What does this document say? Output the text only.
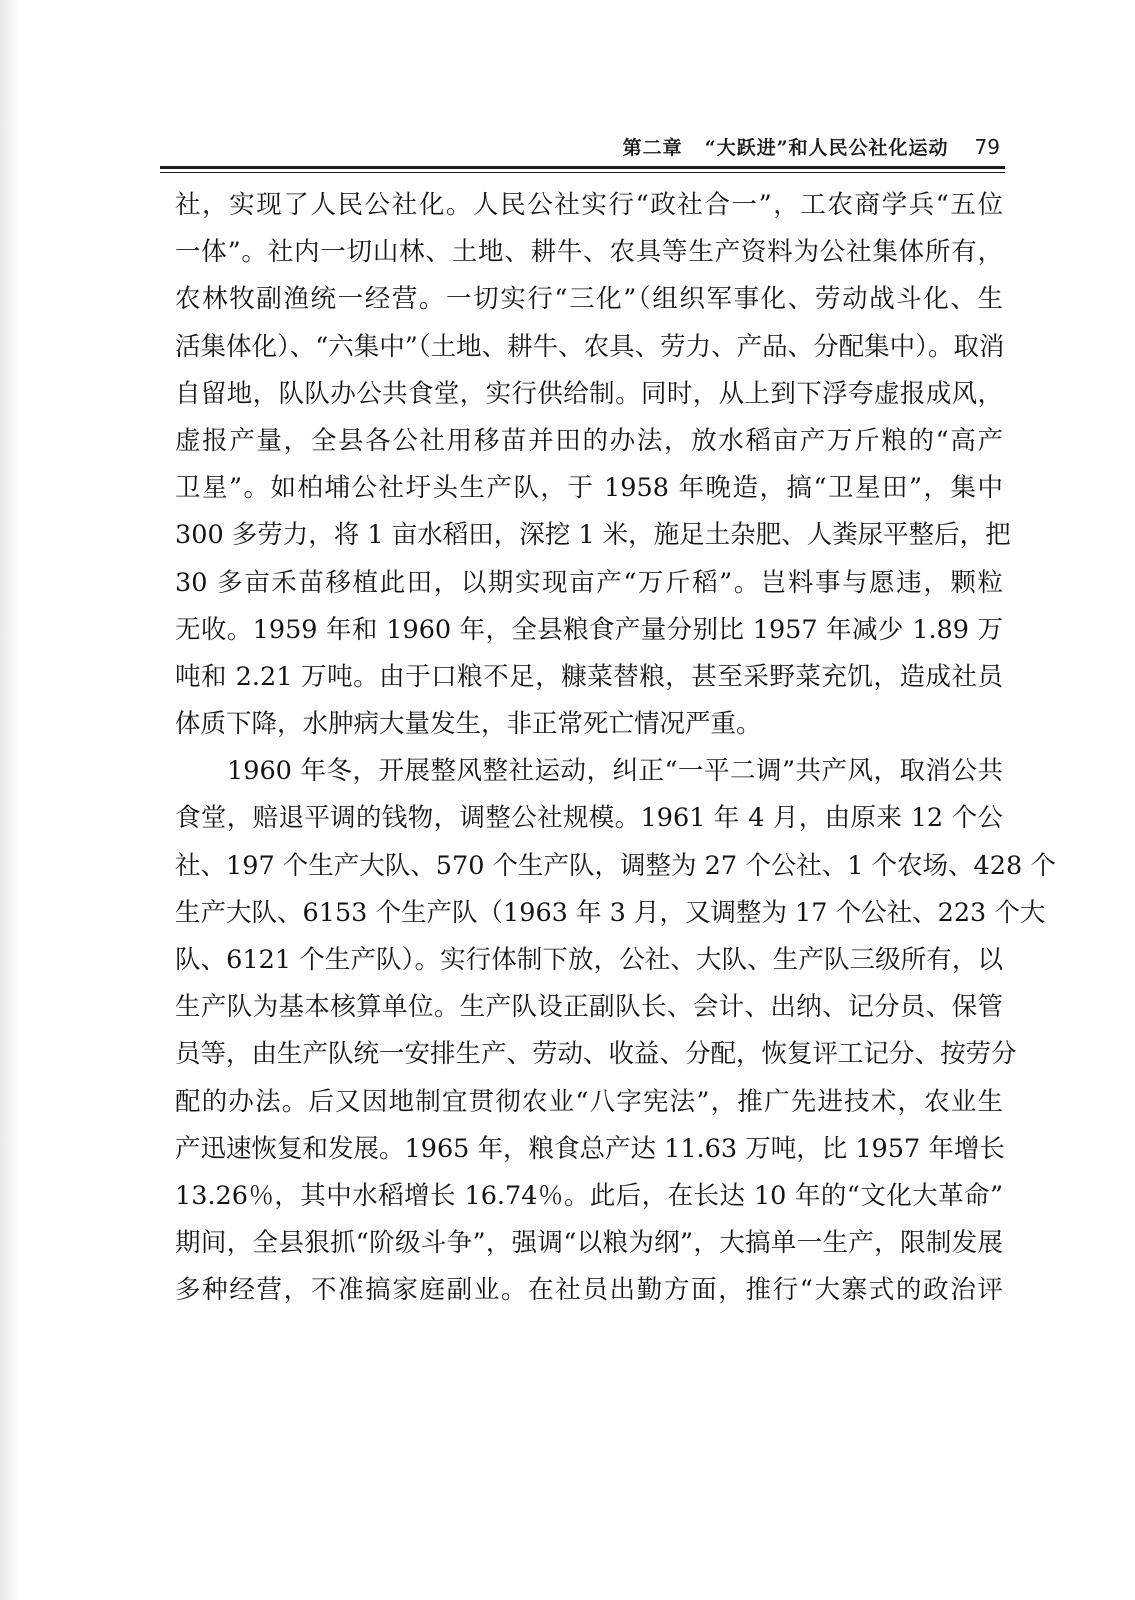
第二章 “大跃进”和人民公社化运动 79
社，实现了人民公社化。人民公社实行“政社合一”，工农商学兵“五位
一体”。社内一切山林、土地、耕牛、农具等生产资料为公社集体所有，
农林牧副渔统一经营。一切实行“三化”（组织军事化、劳动战斗化、生
活集体化）、“六集中”（土地、耕牛、农具、劳力、产品、分配集中）。取消
自留地，队队办公共食堂，实行供给制。同时，从上到下浮夸虚报成风，
虚报产量，全县各公社用移苗并田的办法，放水稻亩产万斤粮的“高产
卫星”。如柏埔公社圩头生产队，于 1958 年晚造，搞“卫星田”，集中
300 多劳力，将 1 亩水稻田，深挖 1 米，施足土杂肥、人粪尿平整后，把
30 多亩禾苗移植此田，以期实现亩产“万斤稻”。岂料事与愿违，颗粒
无收。1959 年和 1960 年，全县粮食产量分别比 1957 年减少 1.89 万
吨和 2.21 万吨。由于口粮不足，糠菜替粮，甚至采野菜充饥，造成社员
体质下降，水肿病大量发生，非正常死亡情况严重。
1960 年冬，开展整风整社运动，纠正“一平二调”共产风，取消公共
食堂，赔退平调的钱物，调整公社规模。1961 年 4 月，由原来 12 个公
社、197 个生产大队、570 个生产队，调整为 27 个公社、1 个农场、428 个
生产大队、6153 个生产队（1963 年 3 月，又调整为 17 个公社、223 个大
队、6121 个生产队）。实行体制下放，公社、大队、生产队三级所有，以
生产队为基本核算单位。生产队设正副队长、会计、出纳、记分员、保管
员等，由生产队统一安排生产、劳动、收益、分配，恢复评工记分、按劳分
配的办法。后又因地制宜贯彻农业“八字宪法”，推广先进技术，农业生
产迅速恢复和发展。1965 年，粮食总产达 11.63 万吨，比 1957 年增长
13.26％，其中水稻增长 16.74％。此后，在长达 10 年的“文化大革命”
期间，全县狠抓“阶级斗争”，强调“以粮为纲”，大搞单一生产，限制发展
多种经营，不准搞家庭副业。在社员出勤方面，推行“大寨式的政治评
